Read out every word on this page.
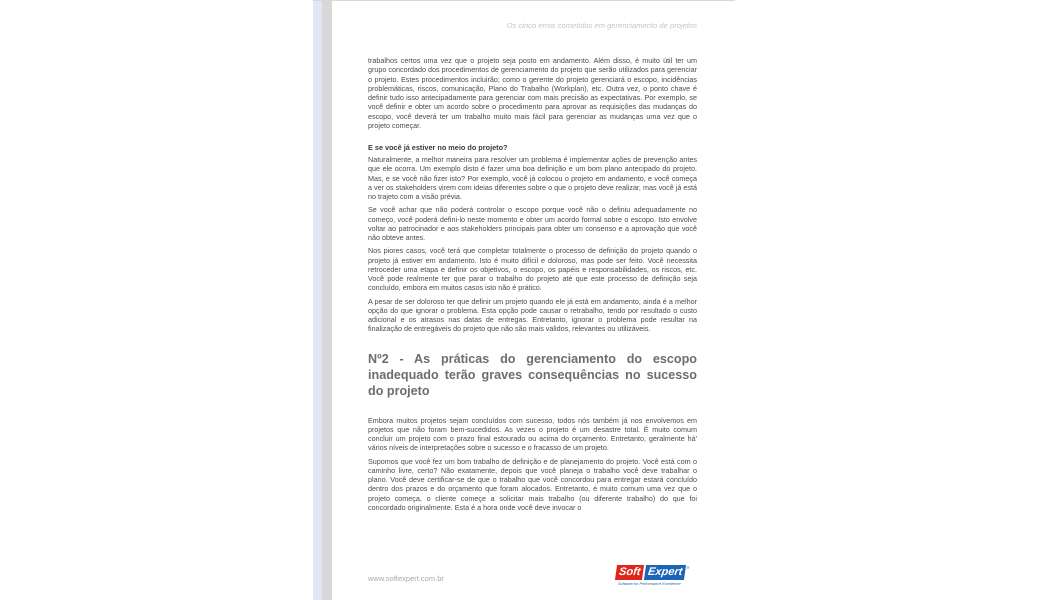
Os cinco erros cometidos em gerenciamento de projetos

trabalhos certos uma vez que o projeto seja posto em andamento. Além disso, é muito útil ter um grupo concordado dos procedimentos de gerenciamento do projeto que serão utilizados para gerenciar o projeto. Estes procedimentos incluirão; como o gerente do projeto gerenciará o escopo, incidências problemáticas, riscos, comunicação, Plano do Trabalho (Workplan), etc. Outra vez, o ponto chave é definir tudo isso antecipadamente para gerenciar com mais precisão as expectativas. Por exemplo, se você definir e obter um acordo sobre o procedimento para aprovar as requisições das mudanças do escopo, você deverá ter um trabalho muito mais fácil para gerenciar as mudanças uma vez que o projeto começar.

E se você já estiver no meio do projeto?

Naturalmente, a melhor maneira para resolver um problema é implementar ações de prevenção antes que ele ocorra. Um exemplo disto é fazer uma boa definição e um bom plano antecipado do projeto. Mas, e se você não fizer isto? Por exemplo, você já colocou o projeto em andamento, e você começa a ver os stakeholders virem com ideias diferentes sobre o que o projeto deve realizar, mas você já está no trajeto com a visão prévia.

Se você achar que não poderá controlar o escopo porque você não o definiu adequadamente no começo, você poderá defini-lo neste momento e obter um acordo formal sobre o escopo. Isto envolve voltar ao patrocinador e aos stakeholders principais para obter um consenso e a aprovação que você não obteve antes.

Nos piores casos, você terá que completar totalmente o processo de definição do projeto quando o projeto já estiver em andamento. Isto é muito difícil e doloroso, mas pode ser feito. Você necessita retroceder uma etapa e definir os objetivos, o escopo, os papéis e responsabilidades, os riscos, etc. Você pode realmente ter que parar o trabalho do projeto até que este processo de definição seja concluído, embora em muitos casos isto não é prático.

A pesar de ser doloroso ter que definir um projeto quando ele já está em andamento, ainda é a melhor opção do que ignorar o problema. Esta opção pode causar o retrabalho, tendo por resultado o custo adicional e os atrasos nas datas de entregas. Entretanto, ignorar o problema pode resultar na finalização de entregáveis do projeto que não são mais validos, relevantes ou utilizáveis.

Nº2 - As práticas do gerenciamento do escopo inadequado terão graves consequências no sucesso do projeto

Embora muitos projetos sejam concluídos com sucesso, todos nós também já nos envolvemos em projetos que não foram bem-sucedidos. As vezes o projeto é um desastre total. É muito comum concluir um projeto com o prazo final estourado ou acima do orçamento. Entretanto, geralmente há' vários níveis de interpretações sobre o sucesso e o fracasso de um projeto.

Supomos que você fez um bom trabalho de definição e de planejamento do projeto. Você está com o caminho livre, certo? Não exatamente, depois que você planeja o trabalho você deve trabalhar o plano. Você deve certificar-se de que o trabalho que você concordou para entregar estará concluído dentro dos prazos e do orçamento que foram alocados. Entretanto, é muito comum uma vez que o projeto começa, o cliente começe a solicitar mais trabalho (ou diferente trabalho) do que foi concordado originalmente. Esta é a hora onde você deve invocar o

www.softexpert.com.br
Soft Expert ®
Software for Performance Excellence
